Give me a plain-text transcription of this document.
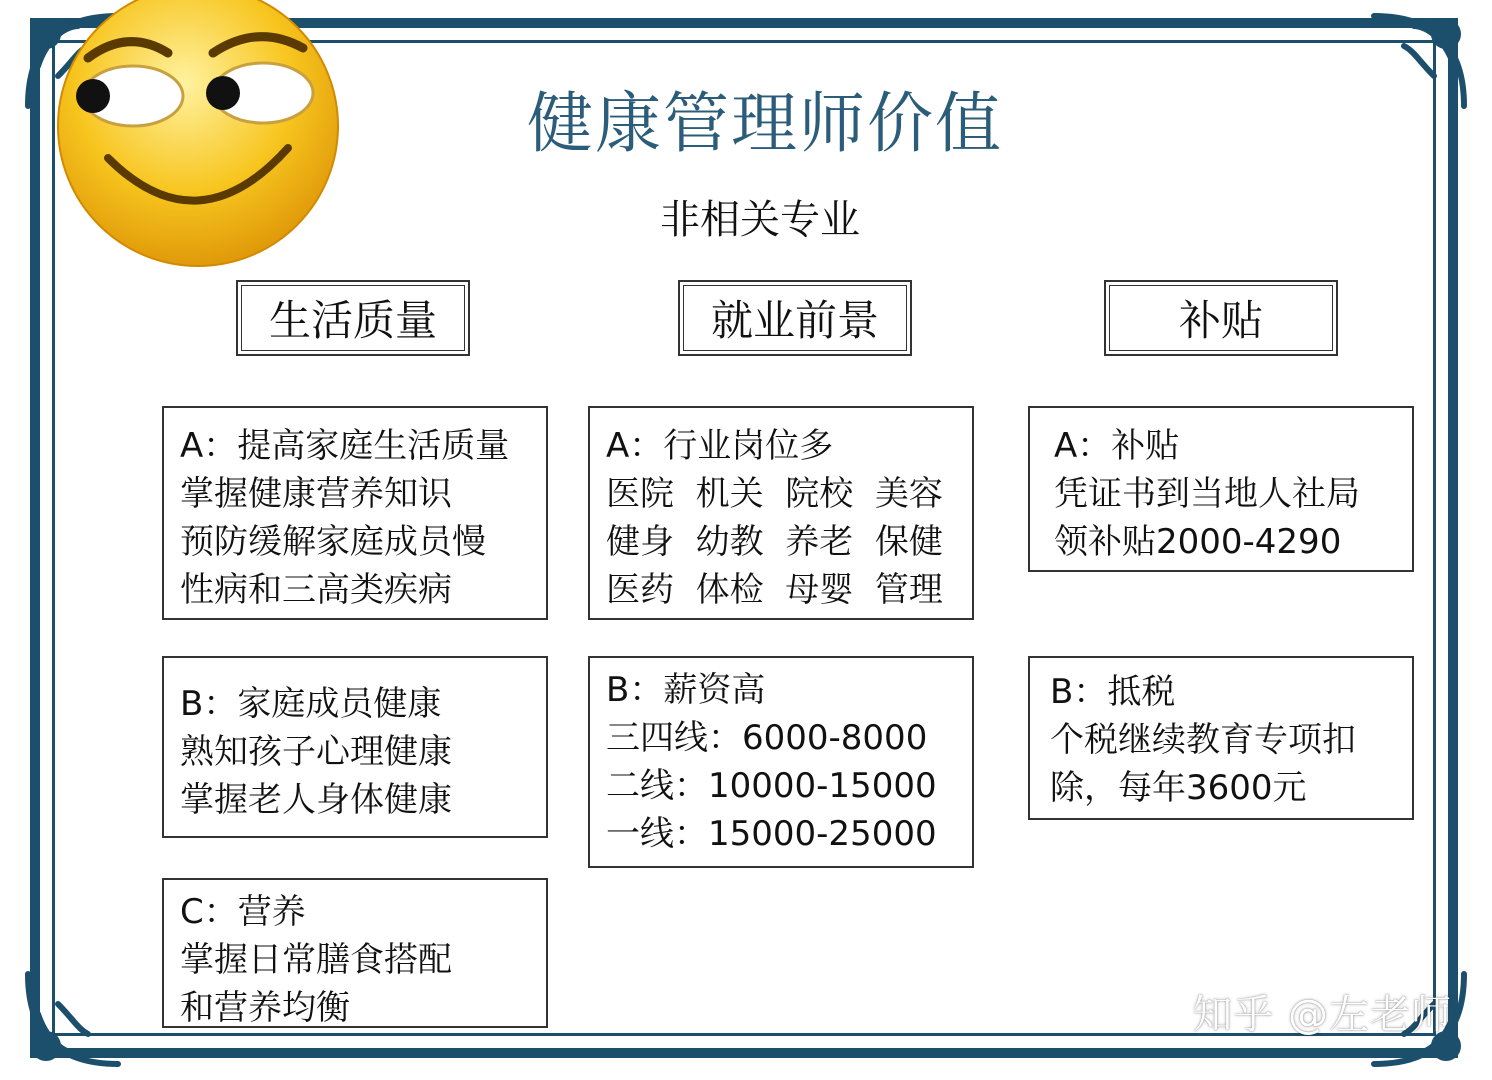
健康管理师价值
非相关专业
生活质量	就业前景	补贴
A：提高家庭生活质量
掌握健康营养知识
预防缓解家庭成员慢
性病和三高类疾病
B：家庭成员健康
熟知孩子心理健康
掌握老人身体健康
C：营养
掌握日常膳食搭配
和营养均衡
A：行业岗位多
医院  机关  院校  美容
健身  幼教  养老  保健
医药  体检  母婴  管理
B：薪资高
三四线：6000-8000
二线：10000-15000
一线：15000-25000
A：补贴
凭证书到当地人社局
领补贴2000-4290
B：抵税
个税继续教育专项扣
除，每年3600元
知乎 @左老师
